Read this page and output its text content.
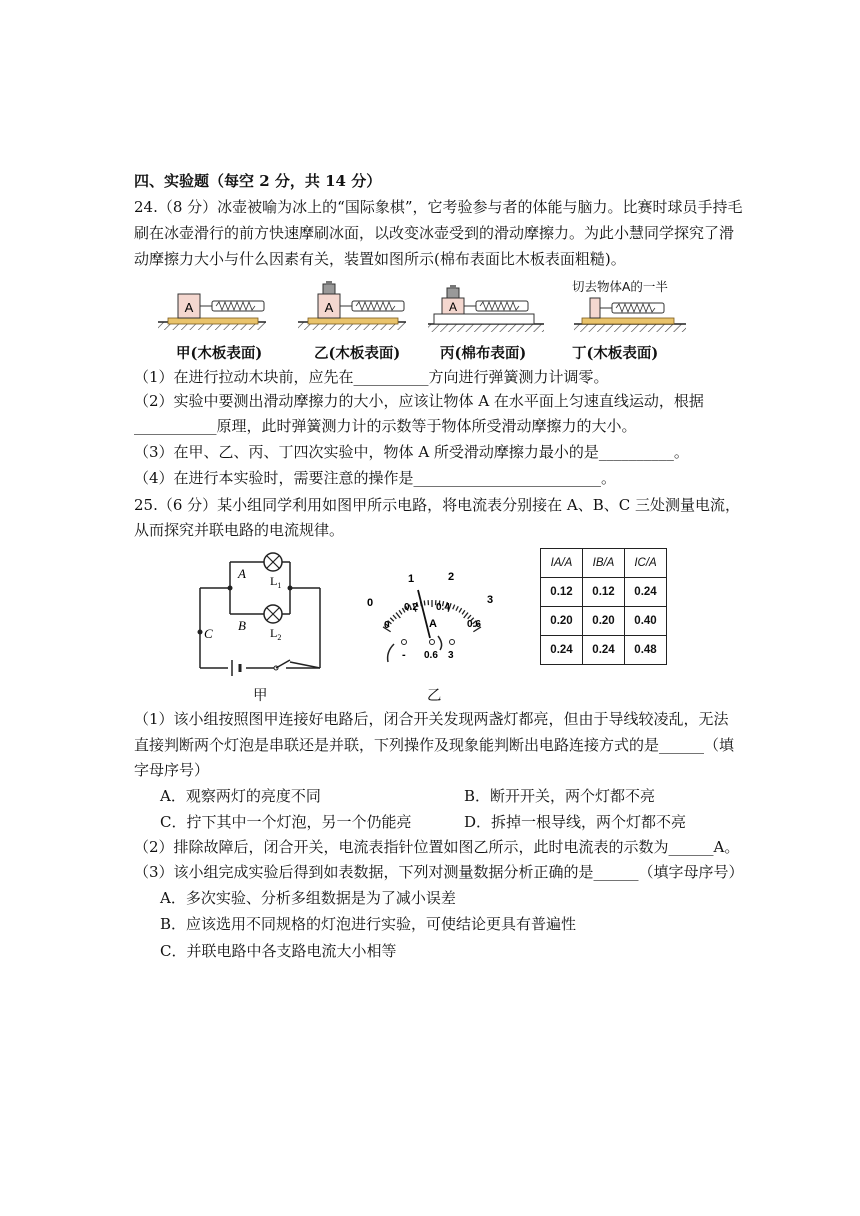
四、实验题（每空 2 分，共 14 分）
24.（8 分）冰壶被喻为冰上的“国际象棋”，它考验参与者的体能与脑力。比赛时球员手持毛
刷在冰壶滑行的前方快速摩刷冰面，以改变冰壶受到的滑动摩擦力。为此小慧同学探究了滑
动摩擦力大小与什么因素有关，装置如图所示(棉布表面比木板表面粗糙)。
A	A	A
切去物体A的一半
甲(木板表面)	乙(木板表面)	丙(棉布表面)	丁(木板表面)
（1）在进行拉动木块前，应先在__________方向进行弹簧测力计调零。
（2）实验中要测出滑动摩擦力的大小，应该让物体 A 在水平面上匀速直线运动，根据
___________原理，此时弹簧测力计的示数等于物体所受滑动摩擦力的大小。
（3）在甲、乙、丙、丁四次实验中，物体 A 所受滑动摩擦力最小的是__________。
（4）在进行本实验时，需要注意的操作是_________________________。
25.（6 分）某小组同学利用如图甲所示电路，将电流表分别接在 A、B、C 三处测量电流，
从而探究并联电路的电流规律。
A
B
C
$L_1$
$L_2$
甲
0
1	2
3
0
0.2 0.4
0.6
A
- 0.6 3
乙
IA/A	IB/A	IC/A
0.12	0.12	0.24
0.20	0.20	0.40
0.24	0.24	0.48
（1）该小组按照图甲连接好电路后，闭合开关发现两盏灯都亮，但由于导线较凌乱，无法
直接判断两个灯泡是串联还是并联，下列操作及现象能判断出电路连接方式的是______（填
字母序号）
A．观察两灯的亮度不同	B．断开开关，两个灯都不亮
C．拧下其中一个灯泡，另一个仍能亮	D．拆掉一根导线，两个灯都不亮
（2）排除故障后，闭合开关，电流表指针位置如图乙所示，此时电流表的示数为______A。
（3）该小组完成实验后得到如表数据，下列对测量数据分析正确的是______（填字母序号）
A．多次实验、分析多组数据是为了减小误差
B．应该选用不同规格的灯泡进行实验，可使结论更具有普遍性
C．并联电路中各支路电流大小相等
